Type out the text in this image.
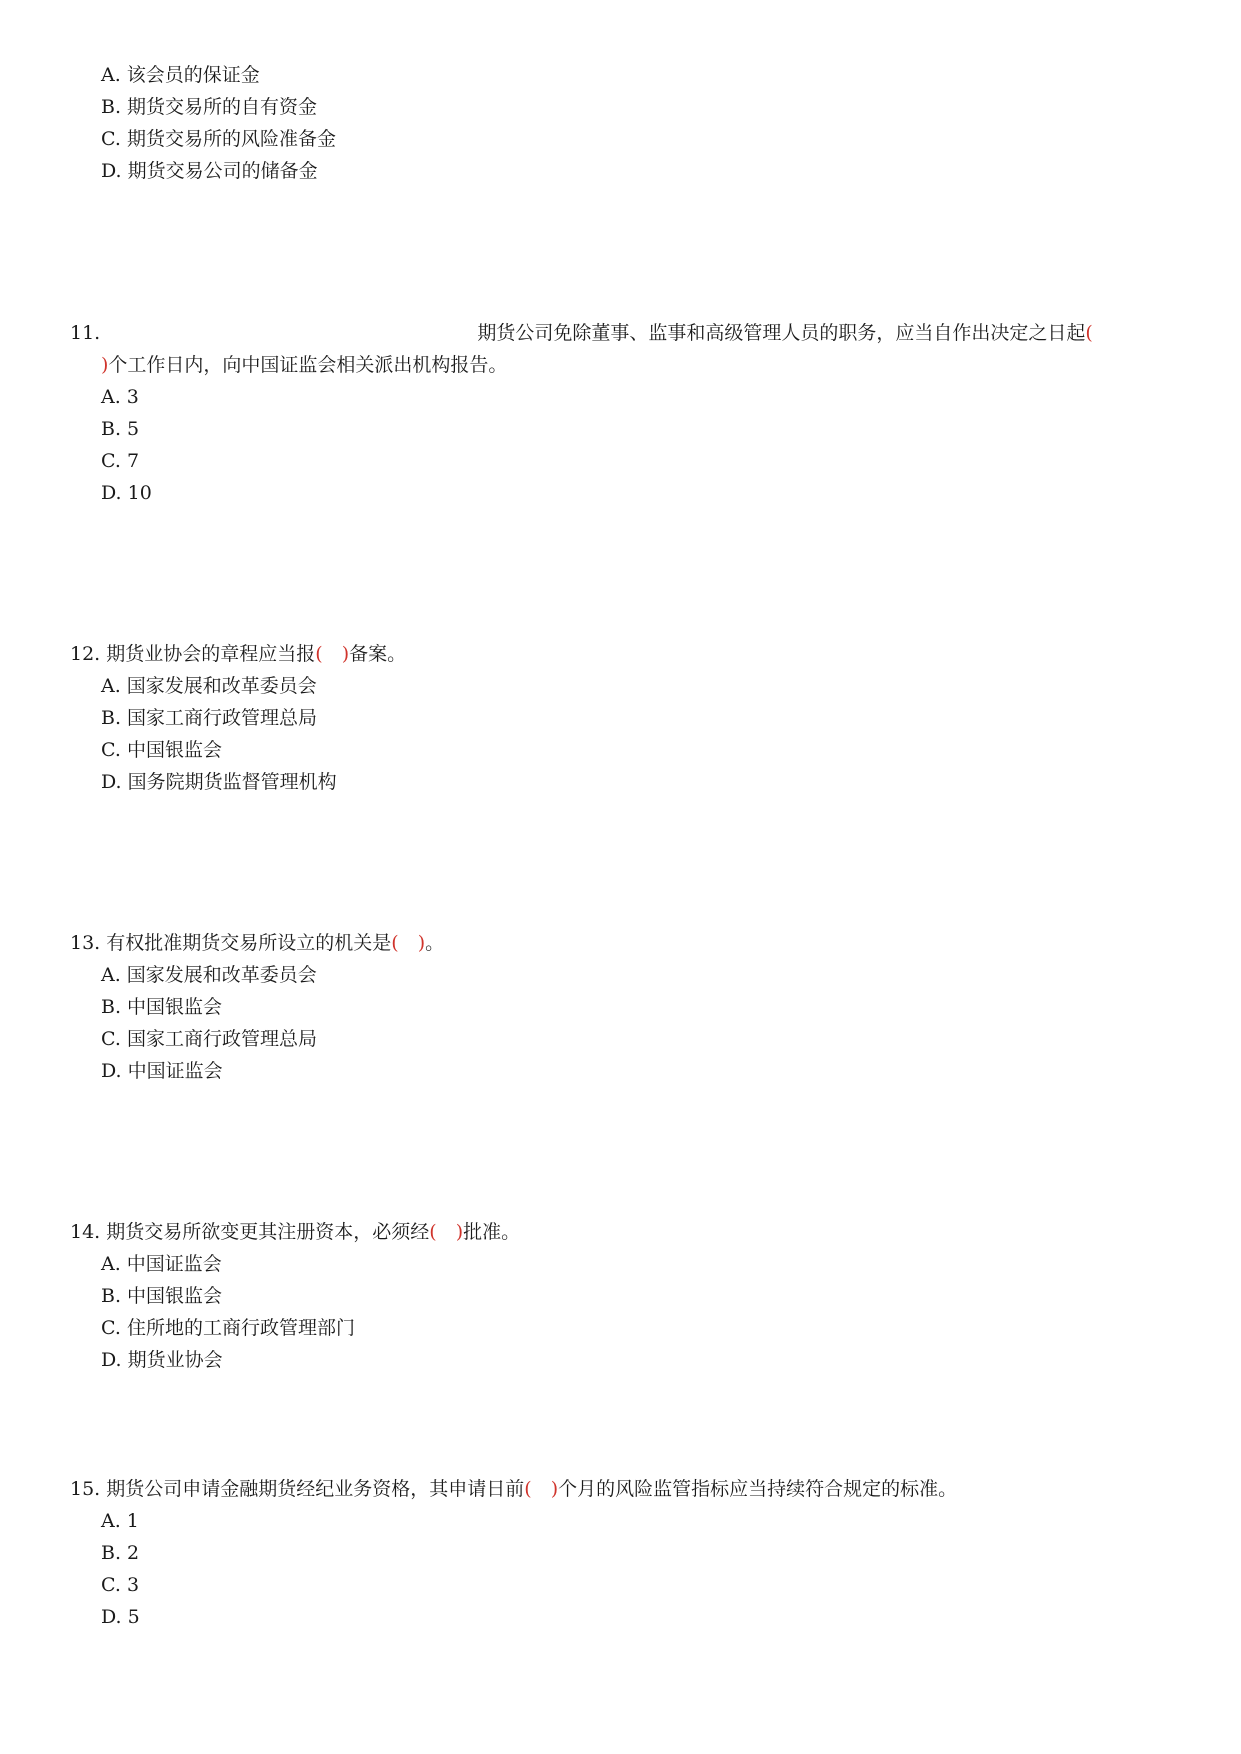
A. 该会员的保证金
B. 期货交易所的自有资金
C. 期货交易所的风险准备金
D. 期货交易公司的储备金
11.	期货公司免除董事、监事和高级管理人员的职务，应当自作出决定之日起(
)个工作日内，向中国证监会相关派出机构报告。
A. 3
B. 5
C. 7
D. 10
12. 期货业协会的章程应当报(　)备案。
A. 国家发展和改革委员会
B. 国家工商行政管理总局
C. 中国银监会
D. 国务院期货监督管理机构
13. 有权批准期货交易所设立的机关是(　)。
A. 国家发展和改革委员会
B. 中国银监会
C. 国家工商行政管理总局
D. 中国证监会
14. 期货交易所欲变更其注册资本，必须经(　)批准。
A. 中国证监会
B. 中国银监会
C. 住所地的工商行政管理部门
D. 期货业协会
15. 期货公司申请金融期货经纪业务资格，其申请日前(　)个月的风险监管指标应当持续符合规定的标准。
A. 1
B. 2
C. 3
D. 5
